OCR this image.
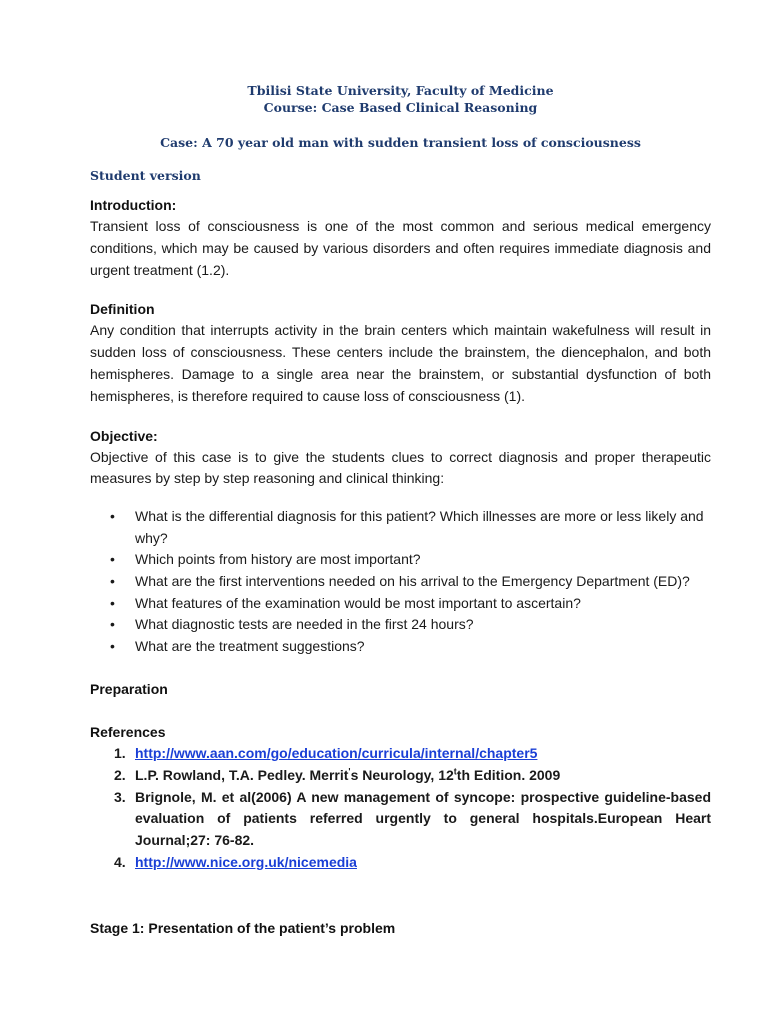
Tbilisi State University, Faculty of Medicine
Course: Case Based Clinical Reasoning
Case: A 70 year old man with sudden transient loss of consciousness
Student version
Introduction:

Transient loss of consciousness is one of the most common and serious medical emergency conditions, which may be caused by various disorders and often requires immediate diagnosis and urgent treatment (1.2).

Definition

Any condition that interrupts activity in the brain centers which maintain wakefulness will result in sudden loss of consciousness. These centers include the brainstem, the diencephalon, and both hemispheres. Damage to a single area near the brainstem, or substantial dysfunction of both hemispheres, is therefore required to cause loss of consciousness (1).

Objective:

Objective of this case is to give the students clues to correct diagnosis and proper therapeutic measures by step by step reasoning and clinical thinking:

• What is the differential diagnosis for this patient? Which illnesses are more or less likely and why?
• Which points from history are most important?
• What are the first interventions needed on his arrival to the Emergency Department (ED)?
• What features of the examination would be most important to ascertain?
• What diagnostic tests are needed in the first 24 hours?
• What are the treatment suggestions?
Preparation
References
1. http://www.aan.com/go/education/curricula/internal/chapter5
2. L.P. Rowland, T.A. Pedley. Merrit's Neurology, 12$^t$th Edition. 2009
3. Brignole, M. et al(2006) A new management of syncope: prospective guideline-based evaluation of patients referred urgently to general hospitals.European Heart Journal;27: 76-82.
4. http://www.nice.org.uk/nicemedia
Stage 1: Presentation of the patient’s problem
